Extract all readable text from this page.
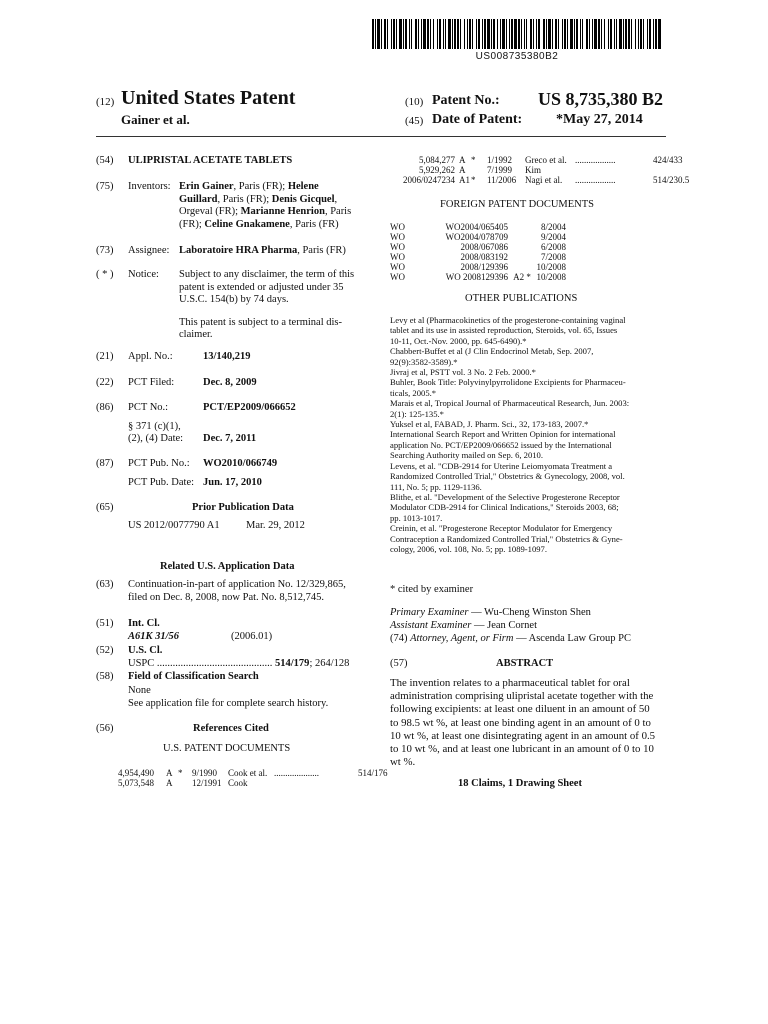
US008735380B2
(12) United States Patent
Gainer et al.
(10) Patent No.: US 8,735,380 B2
(45) Date of Patent: *May 27, 2014
(54) ULIPRISTAL ACETATE TABLETS
(75) Inventors: Erin Gainer, Paris (FR); Helene
Guillard, Paris (FR); Denis Gicquel,
Orgeval (FR); Marianne Henrion, Paris
(FR); Celine Gnakamene, Paris (FR)
(73) Assignee: Laboratoire HRA Pharma, Paris (FR)
( * ) Notice: Subject to any disclaimer, the term of this
patent is extended or adjusted under 35
U.S.C. 154(b) by 74 days.
This patent is subject to a terminal dis-
claimer.
(21) Appl. No.:	13/140,219
(22) PCT Filed:	Dec. 8, 2009
(86) PCT No.:	PCT/EP2009/066652
§ 371 (c)(1),
(2), (4) Date: Dec. 7, 2011
(87) PCT Pub. No.: WO2010/066749
PCT Pub. Date: Jun. 17, 2010
(65)	Prior Publication Data
US 2012/0077790 A1	Mar. 29, 2012
Related U.S. Application Data
(63) Continuation-in-part of application No. 12/329,865,
filed on Dec. 8, 2008, now Pat. No. 8,512,745.
(51) Int. Cl.
A61K 31/56	(2006.01)
(52) U.S. Cl.
USPC ............................................ 514/179; 264/128
(58) Field of Classification Search
None
See application file for complete search history.
(56)	References Cited
U.S. PATENT DOCUMENTS
4,954,490	A *	9/1990	Cook et al. ....................	514/176
5,073,548	A	12/1991 Cook
5,084,277 A *	1/1992	Greco et al. ..................	424/433
5,929,262 A	7/1999	Kim
2006/0247234 A1 *	11/2006 Nagi et al.	..................	514/230.5
FOREIGN PATENT DOCUMENTS
WO	WO2004/065405	8/2004
WO	WO2004/078709	9/2004
WO	2008/067086	6/2008
WO	2008/083192	7/2008
WO	2008/129396	10/2008
WO	WO 2008129396 A2 * 10/2008
OTHER PUBLICATIONS
Levy et al (Pharmacokinetics of the progesterone-containing vaginal
tablet and its use in assisted reproduction, Steroids, vol. 65, Issues
10-11, Oct.-Nov. 2000, pp. 645-6490).*
Chabbert-Buffet et al (J Clin Endocrinol Metab, Sep. 2007,
92(9):3582-3589).*
Jivraj et al, PSTT vol. 3 No. 2 Feb. 2000.*
Buhler, Book Title: Polyvinylpyrrolidone Excipients for Pharmaceu-
ticals, 2005.*
Marais et al, Tropical Journal of Pharmaceutical Research, Jun. 2003:
2(1): 125-135.*
Yuksel et al, FABAD, J. Pharm. Sci., 32, 173-183, 2007.*
International Search Report and Written Opinion for international
application No. PCT/EP2009/066652 issued by the International
Searching Authority mailed on Sep. 6, 2010.
Levens, et al. "CDB-2914 for Uterine Leiomyomata Treatment a
Randomized Controlled Trial," Obstetrics & Gynecology, 2008, vol.
111, No. 5; pp. 1129-1136.
Blithe, et al. "Development of the Selective Progesterone Receptor
Modulator CDB-2914 for Clinical Indications," Steroids 2003, 68;
pp. 1013-1017.
Creinin, et al. "Progesterone Receptor Modulator for Emergency
Contraception a Randomized Controlled Trial," Obstetrics & Gyne-
cology, 2006, vol. 108, No. 5; pp. 1089-1097.
* cited by examiner
Primary Examiner — Wu-Cheng Winston Shen
Assistant Examiner — Jean Cornet
(74) Attorney, Agent, or Firm — Ascenda Law Group PC
(57)	ABSTRACT
The invention relates to a pharmaceutical tablet for oral
administration comprising ulipristal acetate together with the
following excipients: at least one diluent in an amount of 50
to 98.5 wt %, at least one binding agent in an amount of 0 to
10 wt %, at least one disintegrating agent in an amount of 0.5
to 10 wt %, and at least one lubricant in an amount of 0 to 10
wt %.
18 Claims, 1 Drawing Sheet
